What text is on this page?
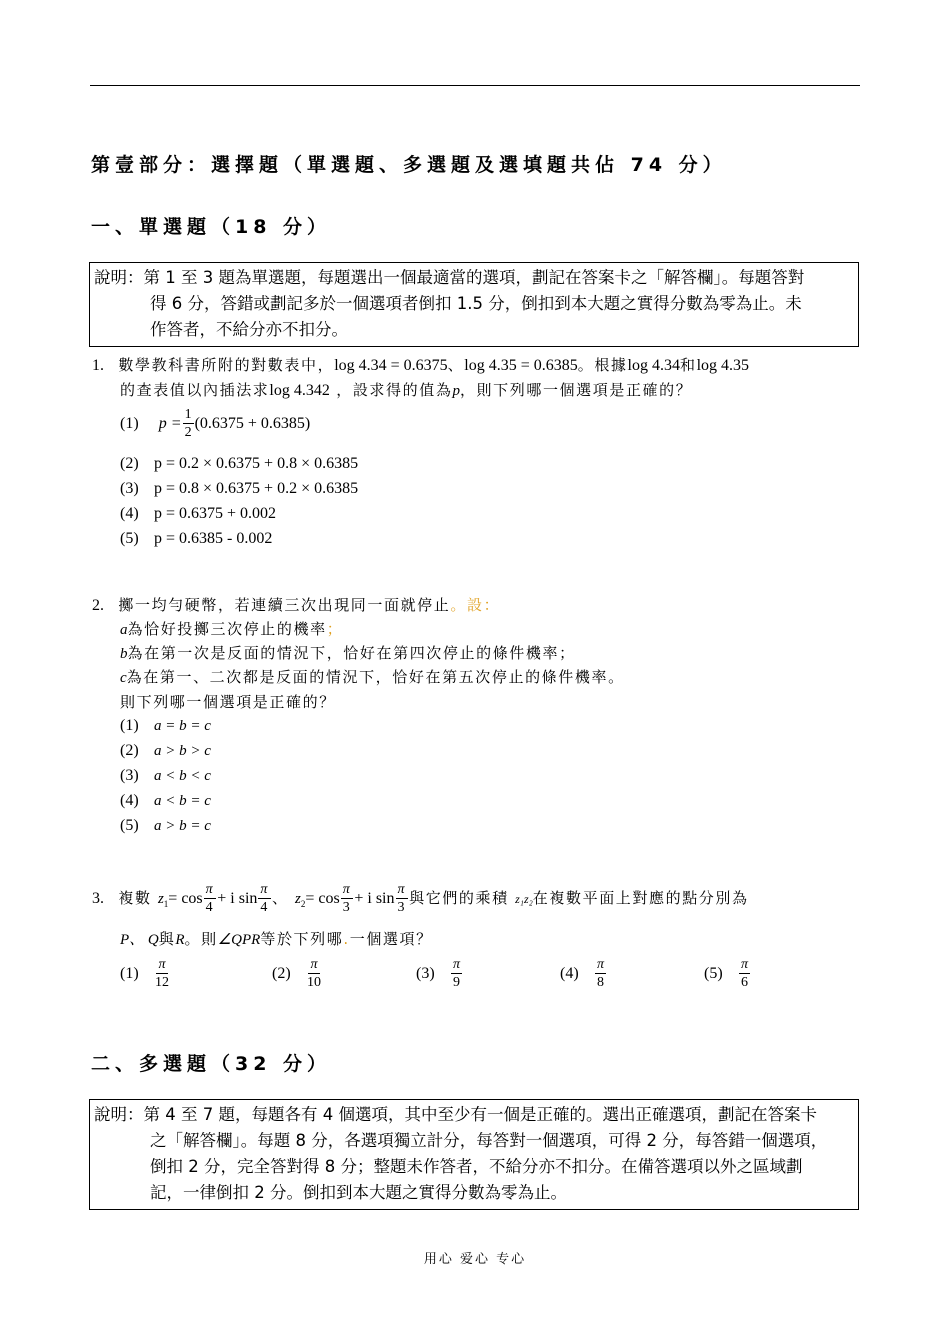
第壹部分：選擇題（單選題、多選題及選填題共佔 74 分）
一、單選題（18 分）
說明：第 1 至 3 題為單選題，每題選出一個最適當的選項，劃記在答案卡之「解答欄」。每題答對
得 6 分，答錯或劃記多於一個選項者倒扣 1.5 分，倒扣到本大題之實得分數為零為止。未
作答者，不給分亦不扣分。
1. 數學教科書所附的對數表中，log 4.34 = 0.6375、log 4.35 = 0.6385。根據log 4.34和log 4.35
的查表值以內插法求log 4.342 ，設求得的值為p，則下列哪一個選項是正確的？
(1) $p = \frac{1}{2} (0.6375 + 0.6385)$
(2) p = 0.2 × 0.6375 + 0.8 × 0.6385
(3) p = 0.8 × 0.6375 + 0.2 × 0.6385
(4) p = 0.6375 + 0.002
(5) p = 0.6385 - 0.002
2. 擲一均勻硬幣，若連續三次出現同一面就停止。設：
a為恰好投擲三次停止的機率；
b為在第一次是反面的情況下，恰好在第四次停止的條件機率；
c為在第一、二次都是反面的情況下，恰好在第五次停止的條件機率。
則下列哪一個選項是正確的？
(1) a = b = c
(2) a > b > c
(3) a < b < c
(4) a < b = c
(5) a > b = c
3. 複數 $z_1= \cos \frac{\pi}{4} + i$ $\sin \frac{\pi}{4}$ 、 $z_2= \cos \frac{\pi}{3} + i$ $\sin \frac{\pi}{3}$ 與它們的乘積 z₁z₂在複數平面上對應的點分別為
P、 Q與R。則∠QPR等於下列哪.一個選項？
$(1) \frac{\pi}{12}$	$(2) \frac{\pi}{10}$	$(3) \frac{\pi}{9}$	$(4) \frac{\pi}{8}$	$(5) \frac{\pi}{6}$
二、多選題（32 分）
說明：第 4 至 7 題，每題各有 4 個選項，其中至少有一個是正確的。選出正確選項，劃記在答案卡
之「解答欄」。每題 8 分，各選項獨立計分，每答對一個選項，可得 2 分，每答錯一個選項，
倒扣 2 分，完全答對得 8 分；整題未作答者，不給分亦不扣分。在備答選項以外之區域劃
記，一律倒扣 2 分。倒扣到本大題之實得分數為零為止。
用心 爱心 专心
